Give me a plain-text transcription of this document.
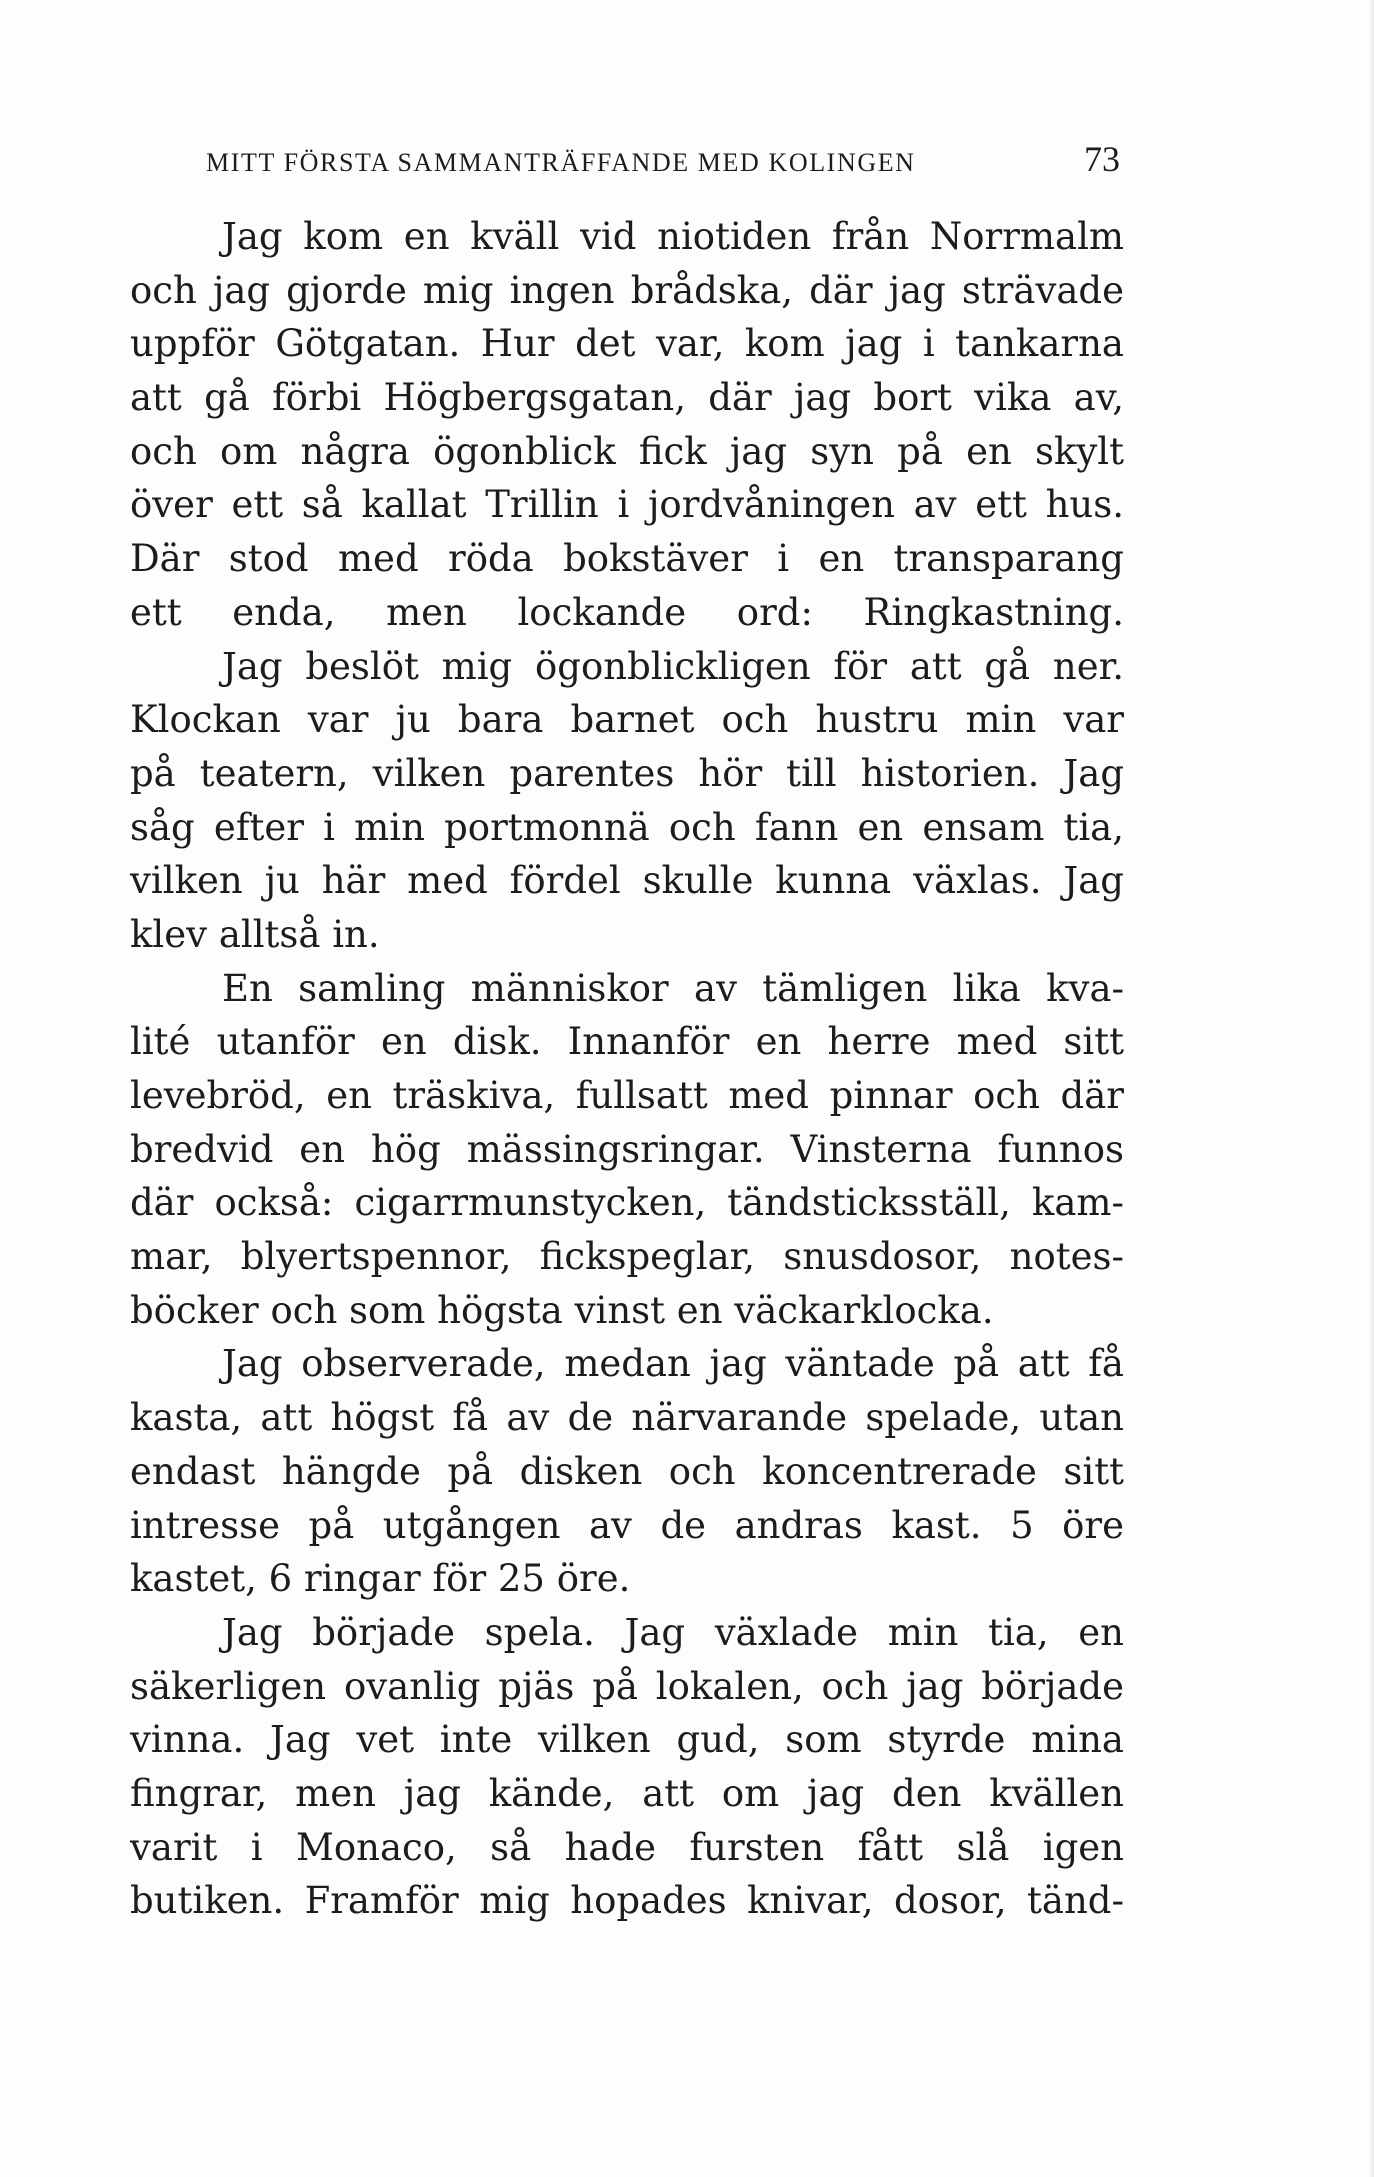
MITT FÖRSTA SAMMANTRÄFFANDE MED KOLINGEN	73
Jag kom en kväll vid niotiden från Norrmalm
och jag gjorde mig ingen brådska, där jag strävade
uppför Götgatan. Hur det var, kom jag i tankarna
att gå förbi Högbergsgatan, där jag bort vika av,
och om några ögonblick fick jag syn på en skylt
över ett så kallat Trillin i jordvåningen av ett hus.
Där stod med röda bokstäver i en transparang
ett enda, men lockande ord: Ringkastning.
Jag beslöt mig ögonblickligen för att gå ner.
Klockan var ju bara barnet och hustru min var
på teatern, vilken parentes hör till historien. Jag
såg efter i min portmonnä och fann en ensam tia,
vilken ju här med fördel skulle kunna växlas. Jag
klev alltså in.
En samling människor av tämligen lika kva-
lité utanför en disk. Innanför en herre med sitt
levebröd, en träskiva, fullsatt med pinnar och där
bredvid en hög mässingsringar. Vinsterna funnos
där också: cigarrmunstycken, tändsticksställ, kam-
mar, blyertspennor, fickspeglar, snusdosor, notes-
böcker och som högsta vinst en väckarklocka.
Jag observerade, medan jag väntade på att få
kasta, att högst få av de närvarande spelade, utan
endast hängde på disken och koncentrerade sitt
intresse på utgången av de andras kast. 5 öre
kastet, 6 ringar för 25 öre.
Jag började spela. Jag växlade min tia, en
säkerligen ovanlig pjäs på lokalen, och jag började
vinna. Jag vet inte vilken gud, som styrde mina
fingrar, men jag kände, att om jag den kvällen
varit i Monaco, så hade fursten fått slå igen
butiken. Framför mig hopades knivar, dosor, tänd-
